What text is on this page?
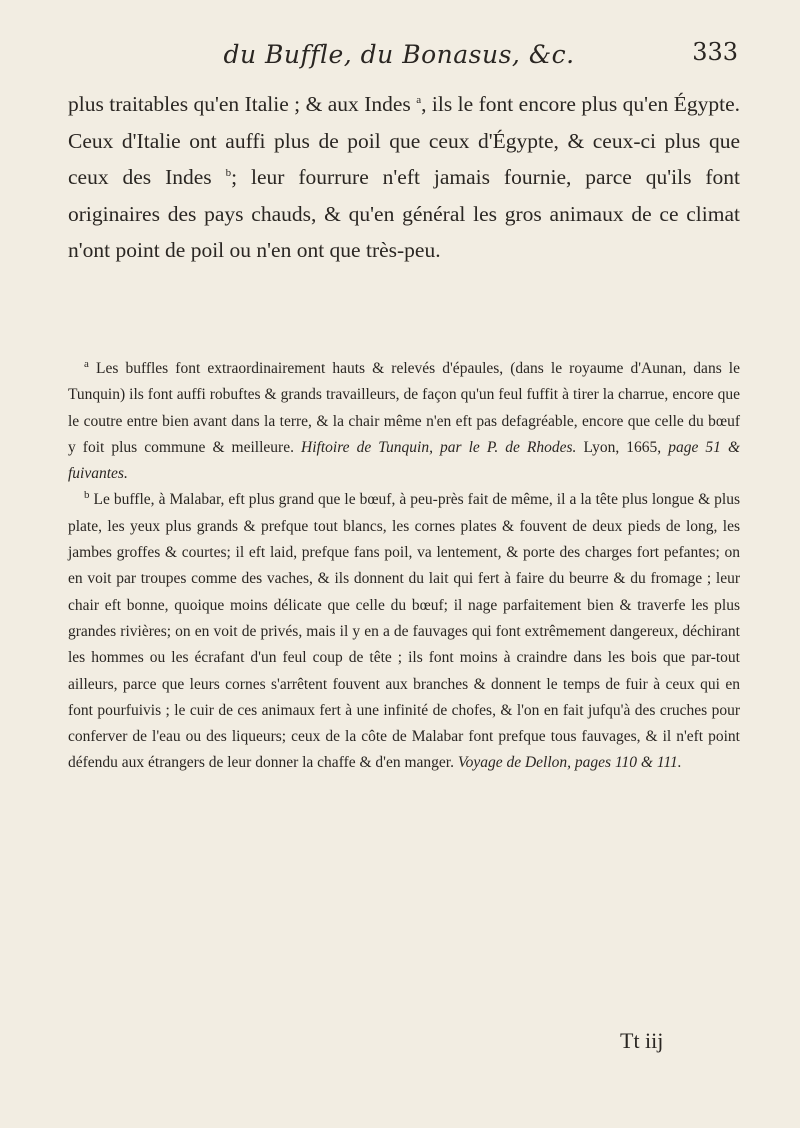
du Buffle, du Bonasus, &c.	333

plus traitables qu'en Italie ; & aux Indes $^a$, ils le font encore plus qu'en Égypte. Ceux d'Italie ont auffi plus de poil que ceux d'Égypte, & ceux-ci plus que ceux des Indes $^b$; leur fourrure n'eft jamais fournie, parce qu'ils font originaires des pays chauds, & qu'en général les gros animaux de ce climat n'ont point de poil ou n'en ont que très-peu.

$^a$ Les buffles font extraordinairement hauts & relevés d'épaules, (dans le royaume d'Aunan, dans le Tunquin) ils font auffi robuftes & grands travailleurs, de façon qu'un feul fuffit à tirer la charrue, encore que le coutre entre bien avant dans la terre, & la chair même n'en eft pas defagréable, encore que celle du bœuf y foit plus commune & meilleure. Hiftoire de Tunquin, par le P. de Rhodes. Lyon, 1665, page 51 & fuivantes.

$^b$ Le buffle, à Malabar, eft plus grand que le bœuf, à peu-près fait de même, il a la tête plus longue & plus plate, les yeux plus grands & prefque tout blancs, les cornes plates & fouvent de deux pieds de long, les jambes groffes & courtes; il eft laid, prefque fans poil, va lentement, & porte des charges fort pefantes; on en voit par troupes comme des vaches, & ils donnent du lait qui fert à faire du beurre & du fromage ; leur chair eft bonne, quoique moins délicate que celle du bœuf; il nage parfaitement bien & traverfe les plus grandes rivières; on en voit de privés, mais il y en a de fauvages qui font extrêmement dangereux, déchirant les hommes ou les écrafant d'un feul coup de tête ; ils font moins à craindre dans les bois que par-tout ailleurs, parce que leurs cornes s'arrêtent fouvent aux branches & donnent le temps de fuir à ceux qui en font pourfuivis ; le cuir de ces animaux fert à une infinité de chofes, & l'on en fait jufqu'à des cruches pour conferver de l'eau ou des liqueurs; ceux de la côte de Malabar font prefque tous fauvages, & il n'eft point défendu aux étrangers de leur donner la chaffe & d'en manger. Voyage de Dellon, pages 110 & 111.

Tt iij
